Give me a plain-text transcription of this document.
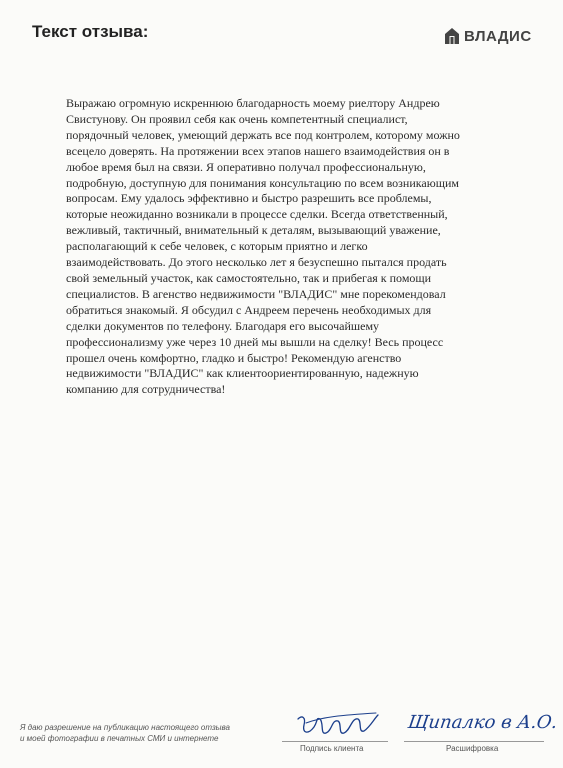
Текст отзыва:	ВЛАДИС
Выражаю огромную искреннюю благодарность моему риелтору Андрею
Свистунову. Он проявил себя как очень компетентный специалист,
порядочный человек, умеющий держать все под контролем, которому можно
всецело доверять. На протяжении всех этапов нашего взаимодействия он в
любое время был на связи. Я оперативно получал профессиональную,
подробную, доступную для понимания консультацию по всем возникающим
вопросам. Ему удалось эффективно и быстро разрешить все проблемы,
которые неожиданно возникали в процессе сделки. Всегда ответственный,
вежливый, тактичный, внимательный к деталям, вызывающий уважение,
располагающий к себе человек, с которым приятно и легко
взаимодействовать. До этого несколько лет я безуспешно пытался продать
свой земельный участок, как самостоятельно, так и прибегая к помощи
специалистов. В агенство недвижимости "ВЛАДИС" мне порекомендовал
обратиться знакомый. Я обсудил с Андреем перечень необходимых для
сделки документов по телефону. Благодаря его высочайшему
профессионализму уже через 10 дней мы вышли на сделку! Весь процесс
прошел очень комфортно, гладко и быстро! Рекомендую агенство
недвижимости "ВЛАДИС" как клиентоориентированную, надежную
компанию для сотрудничества!
Я даю разрешение на публикацию настоящего отзыва
и моей фотографии в печатных СМИ и интернете
Подпись клиента
Щипалко в А.О.
Расшифровка
